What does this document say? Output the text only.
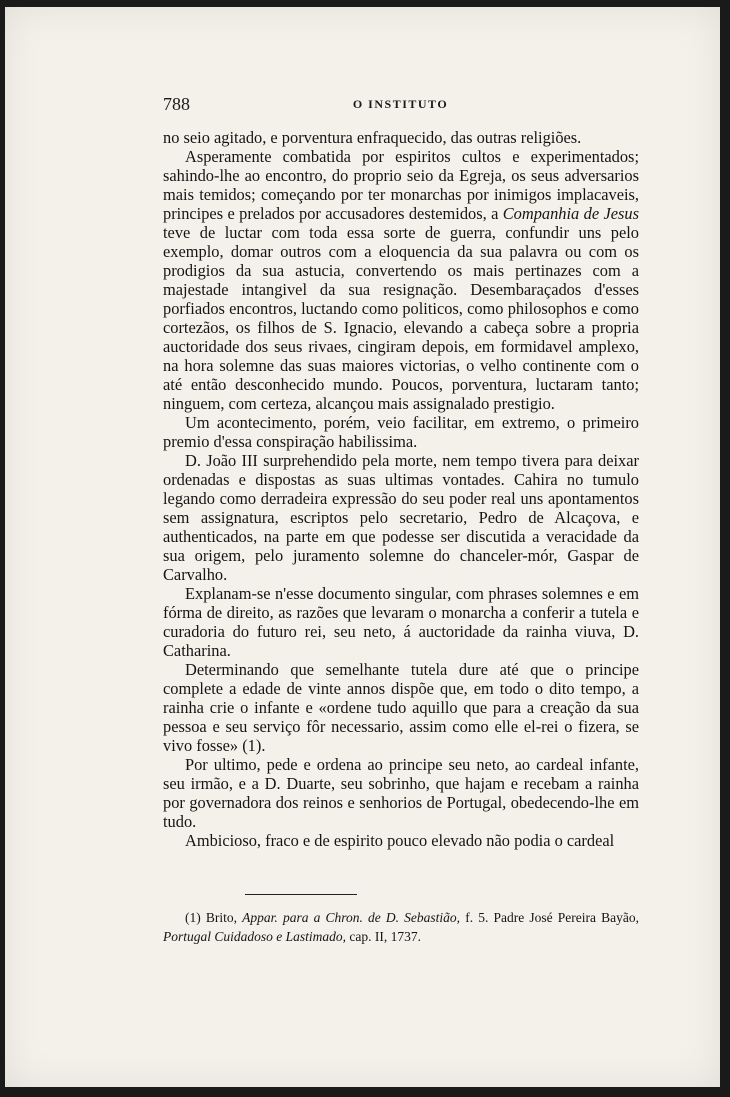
788	O INSTITUTO

no seio agitado, e porventura enfraquecido, das outras religiões.

Asperamente combatida por espiritos cultos e experimentados; sahindo-lhe ao encontro, do proprio seio da Egreja, os seus adversarios mais temidos; começando por ter monarchas por inimigos implacaveis, principes e prelados por accusadores destemidos, a Companhia de Jesus teve de luctar com toda essa sorte de guerra, confundir uns pelo exemplo, domar outros com a eloquencia da sua palavra ou com os prodigios da sua astucia, convertendo os mais pertinazes com a majestade intangivel da sua resignação. Desembaraçados d'esses porfiados encontros, luctando como politicos, como philosophos e como cortezãos, os filhos de S. Ignacio, elevando a cabeça sobre a propria auctoridade dos seus rivaes, cingiram depois, em formidavel amplexo, na hora solemne das suas maiores victorias, o velho continente com o até então desconhecido mundo. Poucos, porventura, luctaram tanto; ninguem, com certeza, alcançou mais assignalado prestigio.

Um acontecimento, porém, veio facilitar, em extremo, o primeiro premio d'essa conspiração habilissima.

D. João III surprehendido pela morte, nem tempo tivera para deixar ordenadas e dispostas as suas ultimas vontades. Cahira no tumulo legando como derradeira expressão do seu poder real uns apontamentos sem assignatura, escriptos pelo secretario, Pedro de Alcaçova, e authenticados, na parte em que podesse ser discutida a veracidade da sua origem, pelo juramento solemne do chanceler-mór, Gaspar de Carvalho.

Explanam-se n'esse documento singular, com phrases solemnes e em fórma de direito, as razões que levaram o monarcha a conferir a tutela e curadoria do futuro rei, seu neto, á auctoridade da rainha viuva, D. Catharina.

Determinando que semelhante tutela dure até que o principe complete a edade de vinte annos dispõe que, em todo o dito tempo, a rainha crie o infante e «ordene tudo aquillo que para a creação da sua pessoa e seu serviço fôr necessario, assim como elle el-rei o fizera, se vivo fosse» (1).

Por ultimo, pede e ordena ao principe seu neto, ao cardeal infante, seu irmão, e a D. Duarte, seu sobrinho, que hajam e recebam a rainha por governadora dos reinos e senhorios de Portugal, obedecendo-lhe em tudo.

Ambicioso, fraco e de espirito pouco elevado não podia o cardeal

(1) Brito, Appar. para a Chron. de D. Sebastião, f. 5. Padre José Pereira Bayão, Portugal Cuidadoso e Lastimado, cap. II, 1737.
